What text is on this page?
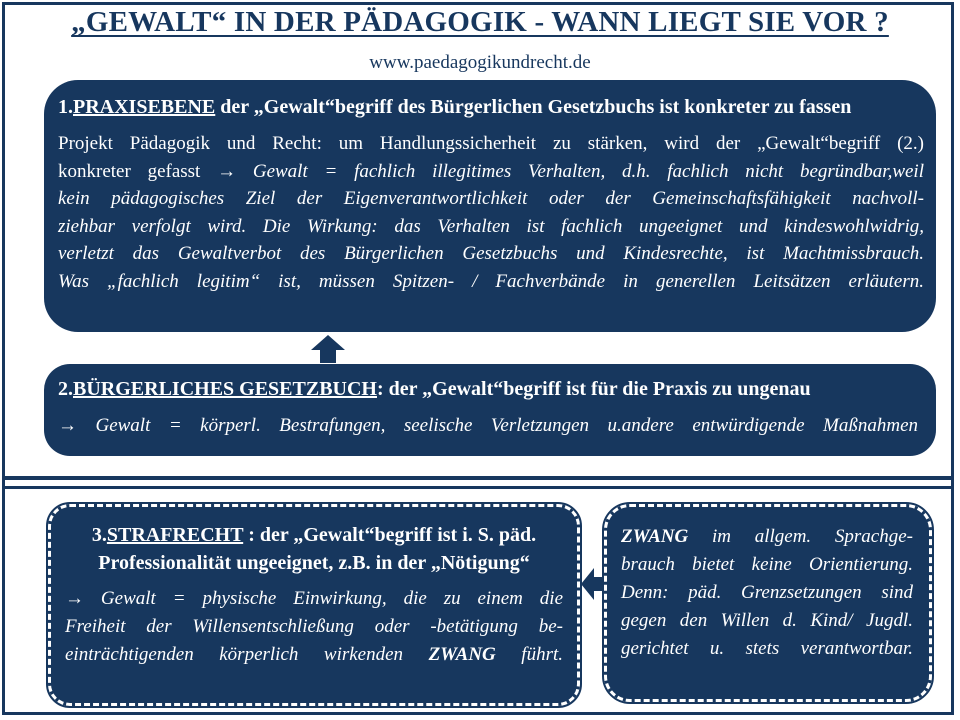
„GEWALT“ IN DER PÄDAGOGIK - WANN LIEGT SIE VOR ?
www.paedagogikundrecht.de
1.PRAXISEBENE der „Gewalt“begriff des Bürgerlichen Gesetzbuchs ist konkreter zu fassen
Projekt Pädagogik und Recht: um Handlungssicherheit zu stärken, wird der „Gewalt“begriff (2.)
konkreter gefasst → Gewalt = fachlich illegitimes Verhalten, d.h. fachlich nicht begründbar,weil
kein pädagogisches Ziel der Eigenverantwortlichkeit oder der Gemeinschaftsfähigkeit nachvoll-
ziehbar verfolgt wird. Die Wirkung: das Verhalten ist fachlich ungeeignet und kindeswohlwidrig,
verletzt das Gewaltverbot des Bürgerlichen Gesetzbuchs und Kindesrechte, ist Machtmissbrauch.
Was „fachlich legitim“ ist, müssen Spitzen- / Fachverbände in generellen Leitsätzen erläutern.
2.BÜRGERLICHES GESETZBUCH: der „Gewalt“begriff ist für die Praxis zu ungenau
→ Gewalt = körperl. Bestrafungen, seelische Verletzungen u.andere entwürdigende Maßnahmen
3.STRAFRECHT : der „Gewalt“begriff ist i. S. päd. Professionalität ungeeignet, z.B. in der „Nötigung“
→ Gewalt = physische Einwirkung, die zu einem die
Freiheit der Willensentschließung oder -betätigung be-
einträchtigenden körperlich wirkenden ZWANG führt.
ZWANG im allgem. Sprachge-
brauch bietet keine Orientierung.
Denn: päd. Grenzsetzungen sind
gegen den Willen d. Kind/ Jugdl.
gerichtet u. stets verantwortbar.
